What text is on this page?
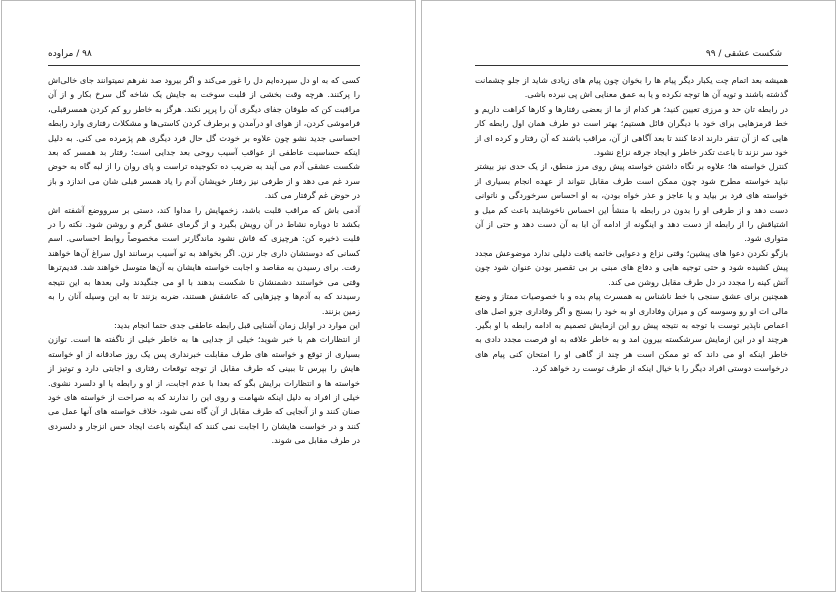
۹۸ / مراوده

کسی که به او دل سپرده‌ایم دل را غور می‌کند و اگر بیرود صد نفرهم نمیتوانند جای خالی‌اش را پرکنند. هرچه وقت بخشی از قلبت سوخت به جایش یک شاخه گل سرخ بکار و از آن مراقبت کن که طوفان جفای دیگری آن را پرپر نکند. هرگز به خاطر رو کم کردن همسرقبلی، فراموشی کردن، از هوای او درآمدن و برطرف کردن کاستی‌ها و مشکلات رفتاری وارد رابطه احساسی جدید نشو چون علاوه بر خودت گل حال فرد دیگری هم پژمرده می کنی. به دلیل اینکه حساسیت عاطفی از عواقب آسیب روحی بعد جدایی است؛ رفتار بد همسر که بعد شکست عشقی آدم می آیند به ضریب ده تکوجیده تراست و پای روان را از لبه گاه به حوض سرد غم می دهد و از طرفی نیز رفتار خویشان آدم را یاد همسر قبلی شان می اندازد و باز در حوض غم گرفتار می کند.

آدمی باش که مراقب قلبت باشد، زخمهایش را مداوا کند، دستی بر سرووضع آشفته اش بکشد تا دوباره نشاط در آن رویش بگیرد و از گرمای عشق گرم و روشن شود. نکته را در قلبت ذخیره کن: هرچیزی که فاش نشود ماندگارتر است مخصوصاً روابط احساسی. اسم کسانی که دوستشان داری جار نزن. اگر بخواهد به تو آسیب برسانند اول سراغ آن‌ها خواهند رفت. برای رسیدن به مقاصد و اجابت خواسته هایشان به آن‌ها متوسل خواهند شد. قدیم‌ترها وقتی می خواستند دشمنشان تا شکست بدهند با او می جنگیدند ولی بعدها به این نتیجه رسیدند که به آدم‌ها و چیزهایی که عاشقش هستند، ضربه بزنند تا به این وسیله آنان را به زمین بزنند.

این موارد در اوایل زمان آشنایی قبل رابطه عاطفی جدی حتما انجام بدید:

از انتظارات هم با خبر شوید؛ خیلی از جدایی ها به خاطر خیلی از ناگفته ها است. توازن بسیاری از توقع و خواسته های طرف مقابلت خبرنداری پس یک روز صادقانه از او خواسته هایش را بپرس تا ببینی که طرف مقابل از توجه توقعات رفتاری و اجابتی دارد و توتیز از خواسته ها و انتظارات برایش بگو که بعدا با عدم اجابت، از او و رابطه یا او دلسرد نشوی. خیلی از افراد به دلیل اینکه شهامت و روی این را ندارند که به صراحت از خواسته های خود صنان کنند و از آنجایی که طرف مقابل از آن گاه نمی شود، خلاف خواسته های آنها عمل می کنند و در خواست هایشان را اجابت نمی کنند که اینگونه باعث ایجاد حس انزجار و دلسردی در طرف مقابل می شوند.

شکست عشقی / ۹۹

همیشه بعد اتمام چت یکبار دیگر پیام ها را بخوان چون پیام های زیادی شاید از جلو چشمانت گذشته باشند و تویه آن ها توجه نکرده و یا به عمق معنایی اش پی نبرده باشی.

در رابطه تان حد و مرزی تعیین کنید؛ هر کدام از ما از بعضی رفتارها و کارها کراهت داریم و خط قرمزهایی برای خود با دیگران قائل هستیم؛ بهتر است دو طرف همان اول رابطه کار هایی که از آن تنفر دارند ادعا کنند تا بعد آگاهی از آن، مراقب باشند که آن رفتار و کرده ای از خود سر نزند تا باعث تکدر خاطر و ایجاد جرقه نزاع نشود.

کنترل خواسته ها؛ علاوه بر نگاه داشتن خواسته پیش روی مرز منطق، از یک حدی نیز بیشتر نباید خواسته مطرح شود چون ممکن است طرف مقابل نتواند از عهده انجام بسیاری از خواسته های فرد بر بیاید و یا عاجز و عذر خواه بودن، به او احساس سرخوردگی و ناتوانی دست دهد و از طرفی او را بدون در رابطه با منشأ این احساس ناخوشایند باعث کم میل و اشتیاقش را از رابطه از دست دهد و اینگونه از ادامه آن ابا به آن دست دهد و حتی از آن متواری شود.

بازگو نکردن دعوا های پیشین؛ وقتی نزاع و دعوایی خاتمه یافت دلیلی ندارد موضوعش مجدد پیش کشیده شود و حتی توجیه هایی و دفاع های مبنی بر بی تقصیر بودن عنوان شود چون آتش کینه را مجدد در دل طرف مقابل روشن می کند.

همچنین برای عشق سنجی با خط ناشناس به همسرت پیام بده و با خصوصیات ممتاز و وضع مالی ات او رو وسوسه کن و میزان وفاداری او به خود را بسنج و اگر وفاداری جزو اصل های اعماص ناپذیر توست با توجه به نتیجه پیش رو این ازمایش تصمیم به ادامه رابطه با او بگیر. هرچند او در این ازمایش سرشکسته بیرون امد و به خاطر علاقه به او فرصت مجدد دادی به خاطر اینکه او می داند که تو ممکن است هر چند از گاهی او را امتحان کنی پیام های درخواست دوستی افراد دیگر را با خیال اینکه از طرف توست رد خواهد کرد.
